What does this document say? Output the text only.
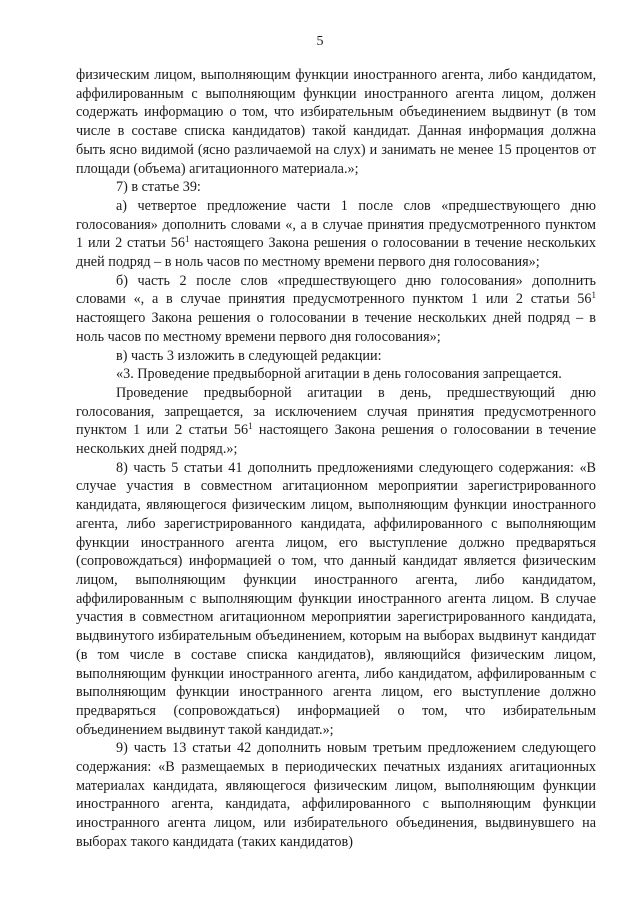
5

физическим лицом, выполняющим функции иностранного агента, либо кандидатом, аффилированным с выполняющим функции иностранного агента лицом, должен содержать информацию о том, что избирательным объединением выдвинут (в том числе в составе списка кандидатов) такой кандидат. Данная информация должна быть ясно видимой (ясно различаемой на слух) и занимать не менее 15 процентов от площади (объема) агитационного материала.»;

7) в статье 39:

а) четвертое предложение части 1 после слов «предшествующего дню голосования» дополнить словами «, а в случае принятия предусмотренного пунктом 1 или 2 статьи $56^1$ настоящего Закона решения о голосовании в течение нескольких дней подряд – в ноль часов по местному времени первого дня голосования»;

б) часть 2 после слов «предшествующего дню голосования» дополнить словами «, а в случае принятия предусмотренного пунктом 1 или 2 статьи $56^1$ настоящего Закона решения о голосовании в течение нескольких дней подряд – в ноль часов по местному времени первого дня голосования»;

в) часть 3 изложить в следующей редакции:

«3. Проведение предвыборной агитации в день голосования запрещается.

Проведение предвыборной агитации в день, предшествующий дню голосования, запрещается, за исключением случая принятия предусмотренного пунктом 1 или 2 статьи $56^1$ настоящего Закона решения о голосовании в течение нескольких дней подряд.»;

8) часть 5 статьи 41 дополнить предложениями следующего содержания: «В случае участия в совместном агитационном мероприятии зарегистрированного кандидата, являющегося физическим лицом, выполняющим функции иностранного агента, либо зарегистрированного кандидата, аффилированного с выполняющим функции иностранного агента лицом, его выступление должно предваряться (сопровождаться) информацией о том, что данный кандидат является физическим лицом, выполняющим функции иностранного агента, либо кандидатом, аффилированным с выполняющим функции иностранного агента лицом. В случае участия в совместном агитационном мероприятии зарегистрированного кандидата, выдвинутого избирательным объединением, которым на выборах выдвинут кандидат (в том числе в составе списка кандидатов), являющийся физическим лицом, выполняющим функции иностранного агента, либо кандидатом, аффилированным с выполняющим функции иностранного агента лицом, его выступление должно предваряться (сопровождаться) информацией о том, что избирательным объединением выдвинут такой кандидат.»;

9) часть 13 статьи 42 дополнить новым третьим предложением следующего содержания: «В размещаемых в периодических печатных изданиях агитационных материалах кандидата, являющегося физическим лицом, выполняющим функции иностранного агента, кандидата, аффилированного с выполняющим функции иностранного агента лицом, или избирательного объединения, выдвинувшего на выборах такого кандидата (таких кандидатов)
